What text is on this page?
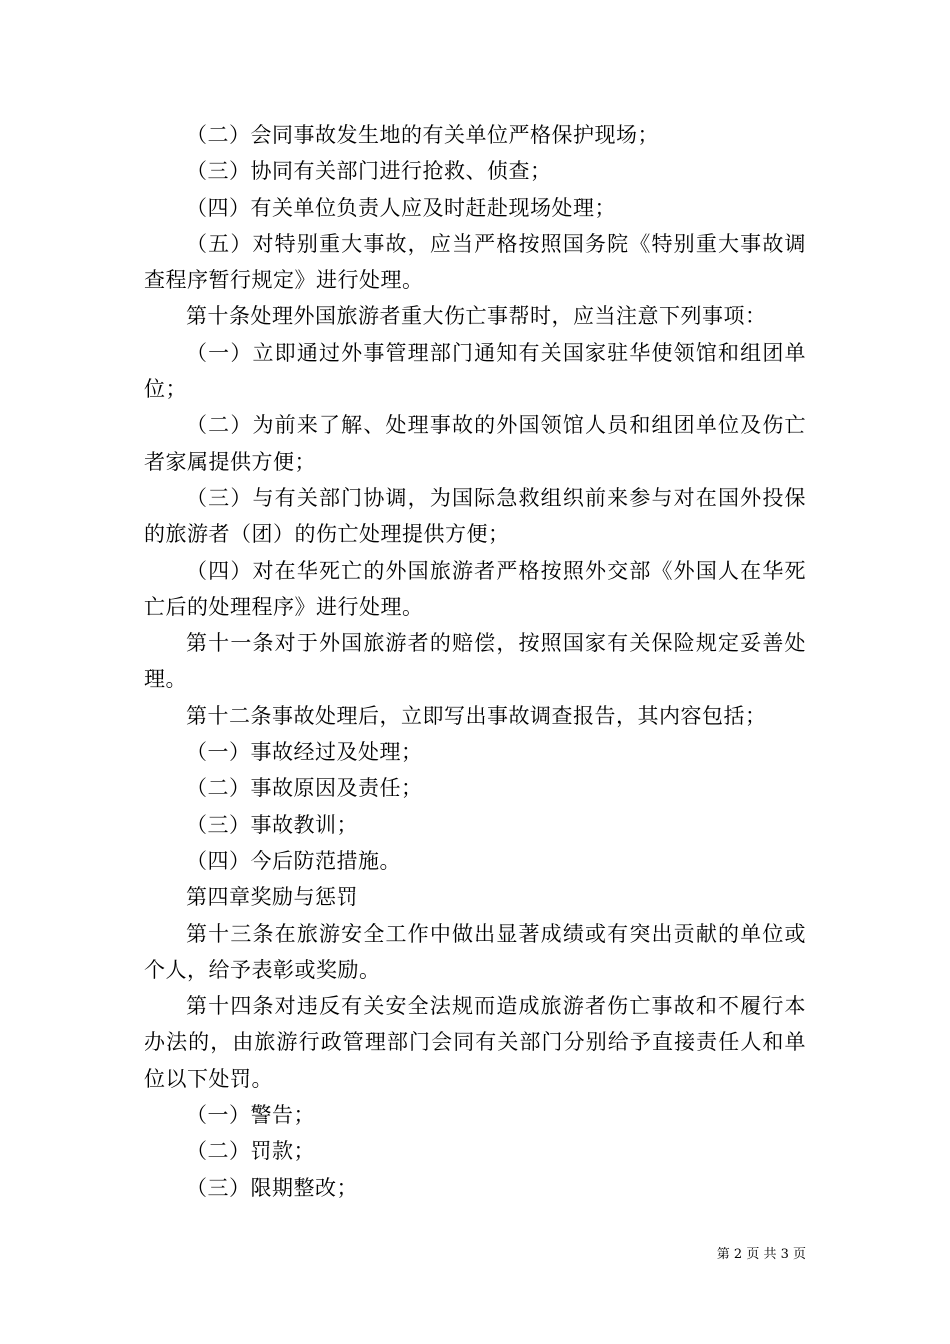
（二）会同事故发生地的有关单位严格保护现场；

（三）协同有关部门进行抢救、侦查；

（四）有关单位负责人应及时赶赴现场处理；

（五）对特别重大事故，应当严格按照国务院《特别重大事故调查程序暂行规定》进行处理。

第十条处理外国旅游者重大伤亡事帮时，应当注意下列事项：

（一）立即通过外事管理部门通知有关国家驻华使领馆和组团单位；

（二）为前来了解、处理事故的外国领馆人员和组团单位及伤亡者家属提供方便；

（三）与有关部门协调，为国际急救组织前来参与对在国外投保的旅游者（团）的伤亡处理提供方便；

（四）对在华死亡的外国旅游者严格按照外交部《外国人在华死亡后的处理程序》进行处理。

第十一条对于外国旅游者的赔偿，按照国家有关保险规定妥善处理。

第十二条事故处理后，立即写出事故调查报告，其内容包括；

（一）事故经过及处理；

（二）事故原因及责任；

（三）事故教训；

（四）今后防范措施。

第四章奖励与惩罚

第十三条在旅游安全工作中做出显著成绩或有突出贡献的单位或个人，给予表彰或奖励。

第十四条对违反有关安全法规而造成旅游者伤亡事故和不履行本办法的，由旅游行政管理部门会同有关部门分别给予直接责任人和单位以下处罚。

（一）警告；

（二）罚款；

（三）限期整改；

第 2 页 共 3 页
